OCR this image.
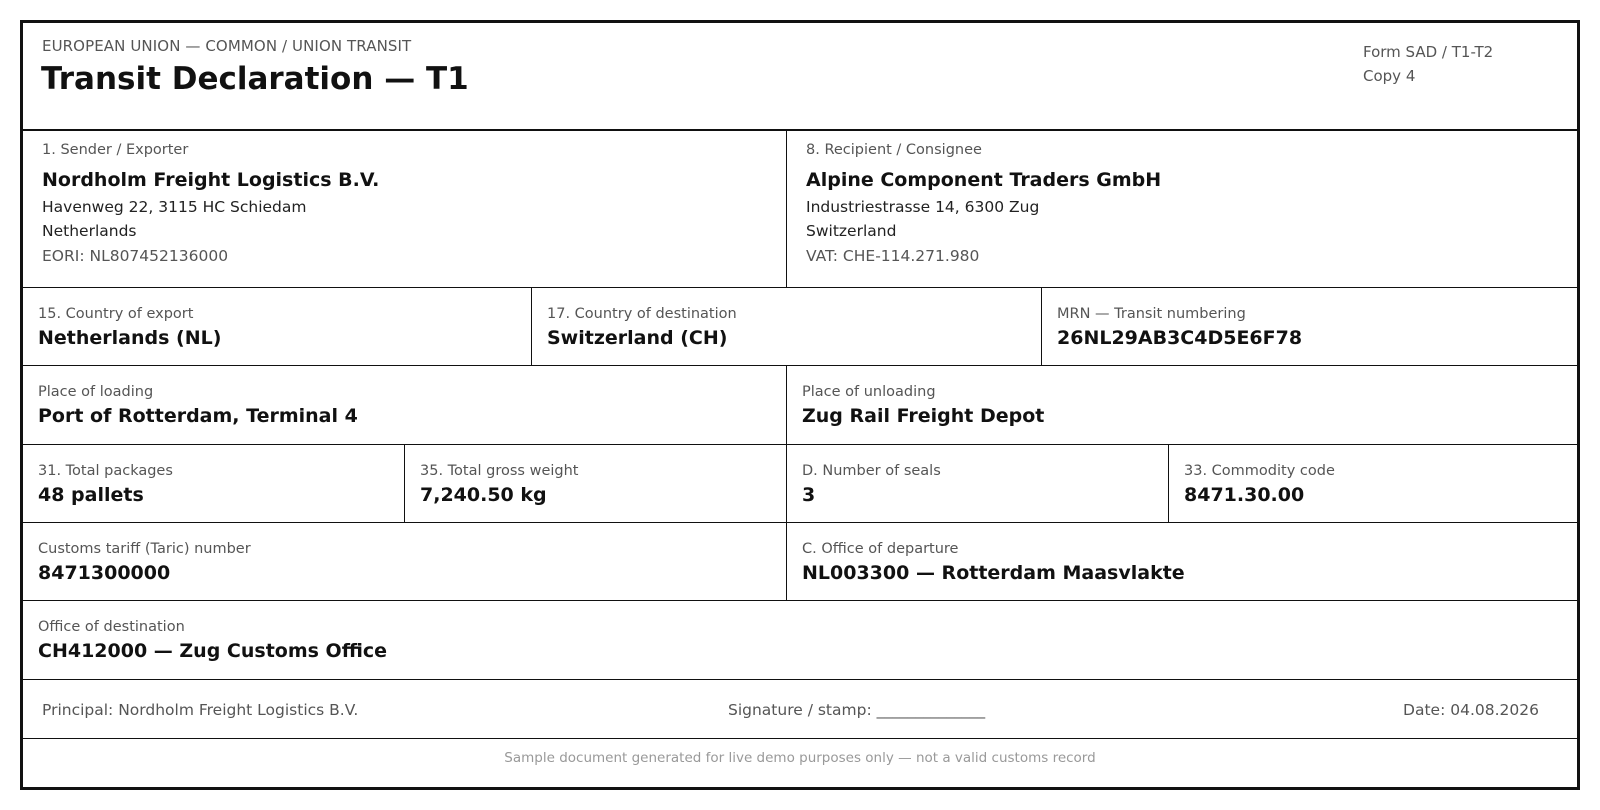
EUROPEAN UNION — COMMON / UNION TRANSIT
Transit Declaration — T1
Form SAD / T1-T2
Copy 4
1. Sender / Exporter
Nordholm Freight Logistics B.V.
Havenweg 22, 3115 HC Schiedam
Netherlands
EORI: NL807452136000
8. Recipient / Consignee
Alpine Component Traders GmbH
Industriestrasse 14, 6300 Zug
Switzerland
VAT: CHE-114.271.980
15. Country of export
Netherlands (NL)
17. Country of destination
Switzerland (CH)
MRN — Transit numbering
26NL29AB3C4D5E6F78
Place of loading
Port of Rotterdam, Terminal 4
Place of unloading
Zug Rail Freight Depot
31. Total packages
48 pallets
35. Total gross weight
7,240.50 kg
D. Number of seals
3
33. Commodity code
8471.30.00
Customs tariff (Taric) number
8471300000
C. Office of departure
NL003300 — Rotterdam Maasvlakte
Office of destination
CH412000 — Zug Customs Office
Principal: Nordholm Freight Logistics B.V.	Signature / stamp: ______________	Date: 04.08.2026
Sample document generated for live demo purposes only — not a valid customs record
